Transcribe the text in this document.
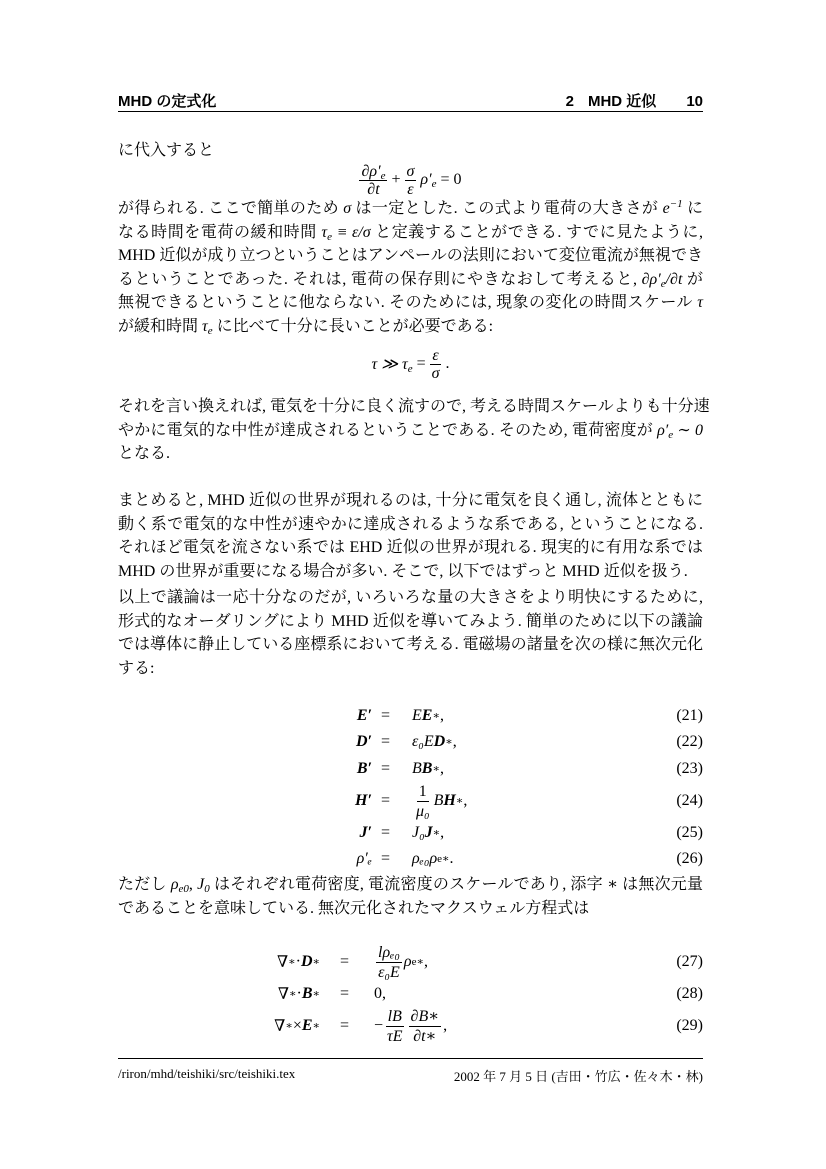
MHD の定式化	2 MHD 近似 10
に代入すると
$\frac{\partial\rho'_e}{\partial t} + \frac{\sigma}{\varepsilon} \rho'_e = 0$
が得られる. ここで簡単のため σ は一定とした. この式より電荷の大きさが $e^{-1}$ に
なる時間を電荷の緩和時間 $\tau_e \equiv \varepsilon/\sigma$ と定義することができる. すでに見たように,
MHD 近似が成り立つということはアンペールの法則において変位電流が無視でき
るということであった. それは, 電荷の保存則にやきなおして考えると, $\partial\rho'_e/\partial t$ が
無視できるということに他ならない. そのためには, 現象の変化の時間スケール τ
が緩和時間 $\tau_e$ に比べて十分に長いことが必要である:
τ ≫ $\tau_e = \frac{\varepsilon}{\sigma}$ .
それを言い換えれば, 電気を十分に良く流すので, 考える時間スケールよりも十分速
やかに電気的な中性が達成されるということである. そのため, 電荷密度が $\rho'_e$ ∼ 0
となる.
まとめると, MHD 近似の世界が現れるのは, 十分に電気を良く通し, 流体とともに
動く系で電気的な中性が速やかに達成されるような系である, ということになる.
それほど電気を流さない系では EHD 近似の世界が現れる. 現実的に有用な系では
MHD の世界が重要になる場合が多い. そこで, 以下ではずっと MHD 近似を扱う.
以上で議論は一応十分なのだが, いろいろな量の大きさをより明快にするために,
形式的なオーダリングにより MHD 近似を導いてみよう. 簡単のために以下の議論
では導体に静止している座標系において考える. 電磁場の諸量を次の様に無次元化
する:
E′ = E E ∗ ,	(21)
D′ = ε₀E D ∗ ,	(22)
B′ = B B ∗ ,	(23)
$H' = \frac{1}{\text{μ₀}}$ B H ∗ ,	(24)
J′ = J₀ J ∗ ,	(25)
ρ′ₑ = ρₑ₀ρ e∗ .	(26)
ただし $\rho_{e0}$, $J_0$ はそれぞれ電荷密度, 電流密度のスケールであり, 添字 ∗ は無次元量
であることを意味している. 無次元化されたマクスウェル方程式は
∇ ∗ · D ∗ = $\frac{\text{lρₑ₀}}{\text{ε₀E}}$ ρ e∗ ,	(27)
∇ ∗ · B ∗ = 0 ,	(28)
∇ ∗ × E ∗ = − $\frac{lB}{\tau E} \frac{\partial B∗}{\partial t∗}$ ,	(29)
/riron/mhd/teishiki/src/teishiki.tex	2002 年 7 月 5 日 (吉田・竹広・佐々木・林)
